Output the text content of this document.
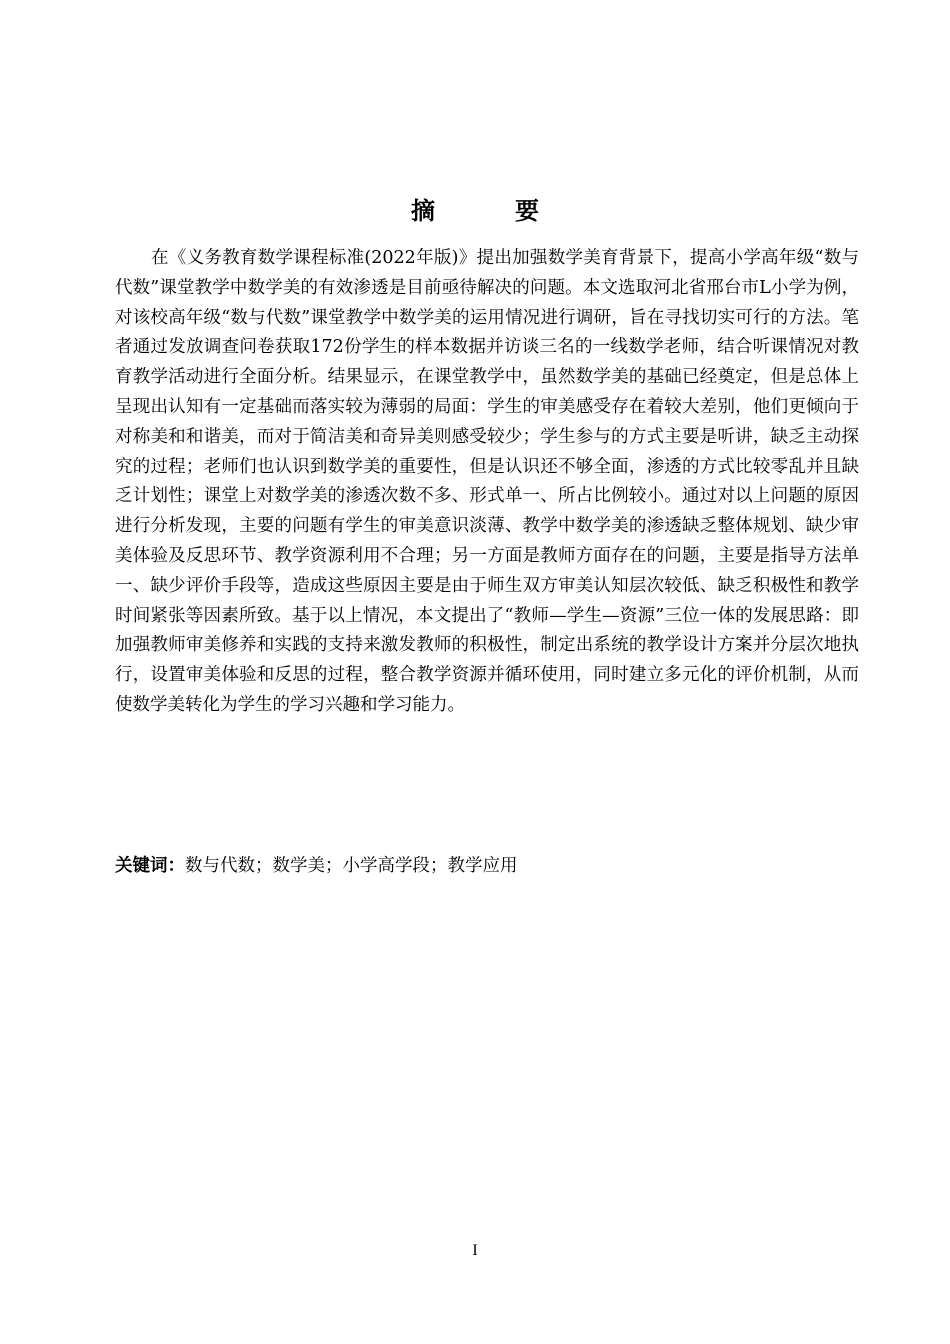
摘　要

在《义务教育数学课程标准(2022年版)》提出加强数学美育背景下，提高小学高年级“数与代数”课堂教学中数学美的有效渗透是目前亟待解决的问题。本文选取河北省邢台市L小学为例，对该校高年级“数与代数”课堂教学中数学美的运用情况进行调研，旨在寻找切实可行的方法。笔者通过发放调查问卷获取172份学生的样本数据并访谈三名的一线数学老师，结合听课情况对教育教学活动进行全面分析。结果显示，在课堂教学中，虽然数学美的基础已经奠定，但是总体上呈现出认知有一定基础而落实较为薄弱的局面：学生的审美感受存在着较大差别，他们更倾向于对称美和和谐美，而对于简洁美和奇异美则感受较少；学生参与的方式主要是听讲，缺乏主动探究的过程；老师们也认识到数学美的重要性，但是认识还不够全面，渗透的方式比较零乱并且缺乏计划性；课堂上对数学美的渗透次数不多、形式单一、所占比例较小。通过对以上问题的原因进行分析发现，主要的问题有学生的审美意识淡薄、教学中数学美的渗透缺乏整体规划、缺少审美体验及反思环节、教学资源利用不合理；另一方面是教师方面存在的问题，主要是指导方法单一、缺少评价手段等，造成这些原因主要是由于师生双方审美认知层次较低、缺乏积极性和教学时间紧张等因素所致。基于以上情况，本文提出了“教师—学生—资源”三位一体的发展思路：即加强教师审美修养和实践的支持来激发教师的积极性，制定出系统的教学设计方案并分层次地执行，设置审美体验和反思的过程，整合教学资源并循环使用，同时建立多元化的评价机制，从而使数学美转化为学生的学习兴趣和学习能力。

关键词：数与代数；数学美；小学高学段；教学应用
I
